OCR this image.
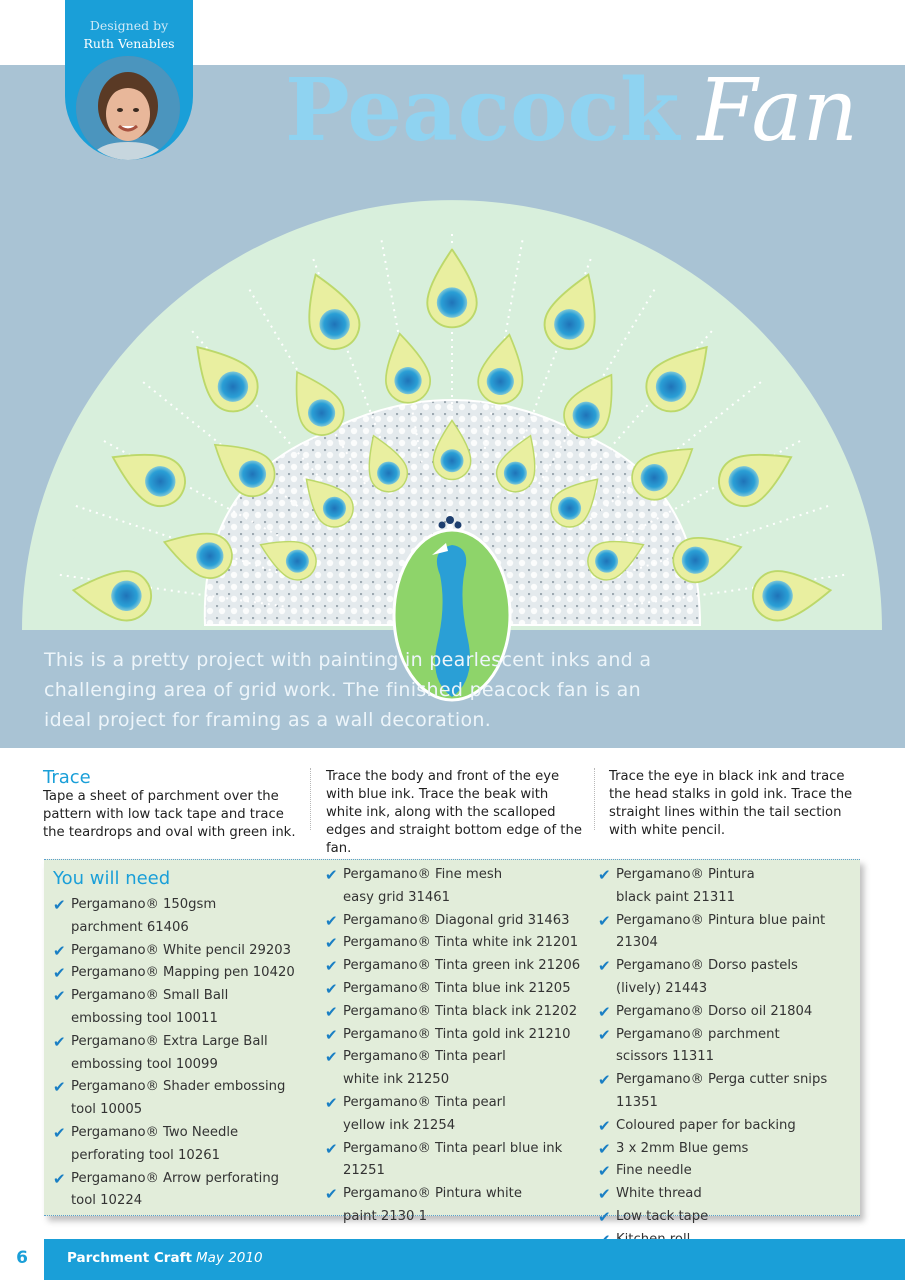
Peacock Fan
Designed by
Ruth Venables
This is a pretty project with painting in pearlescent inks and a challenging area of grid work. The finished peacock fan is an ideal project for framing as a wall decoration.
Trace
Tape a sheet of parchment over the pattern with low tack tape and trace the teardrops and oval with green ink.
Trace the body and front of the eye with blue ink. Trace the beak with white ink, along with the scalloped edges and straight bottom edge of the fan.
Trace the eye in black ink and trace the head stalks in gold ink. Trace the straight lines within the tail section with white pencil.
You will need
✔ Pergamano® 150gsm
parchment 61406
✔ Pergamano® White pencil 29203
✔ Pergamano® Mapping pen 10420
✔ Pergamano® Small Ball
embossing tool 10011
✔ Pergamano® Extra Large Ball
embossing tool 10099
✔ Pergamano® Shader embossing
tool 10005
✔ Pergamano® Two Needle
perforating tool 10261
✔ Pergamano® Arrow perforating
tool 10224
✔ Pergamano® Fine mesh
easy grid 31461
✔ Pergamano® Diagonal grid 31463
✔ Pergamano® Tinta white ink 21201
✔ Pergamano® Tinta green ink 21206
✔ Pergamano® Tinta blue ink 21205
✔ Pergamano® Tinta black ink 21202
✔ Pergamano® Tinta gold ink 21210
✔ Pergamano® Tinta pearl
white ink 21250
✔ Pergamano® Tinta pearl
yellow ink 21254
✔ Pergamano® Tinta pearl blue ink 21251
✔ Pergamano® Pintura white
paint 2130 1
✔ Pergamano® Pintura
black paint 21311
✔ Pergamano® Pintura blue paint 21304
✔ Pergamano® Dorso pastels
(lively) 21443
✔ Pergamano® Dorso oil 21804
✔ Pergamano® parchment
scissors 11311
✔ Pergamano® Perga cutter snips 11351
✔ Coloured paper for backing
✔ 3 x 2mm Blue gems
✔ Fine needle
✔ White thread
✔ Low tack tape
6	Parchment Craft May 2010
